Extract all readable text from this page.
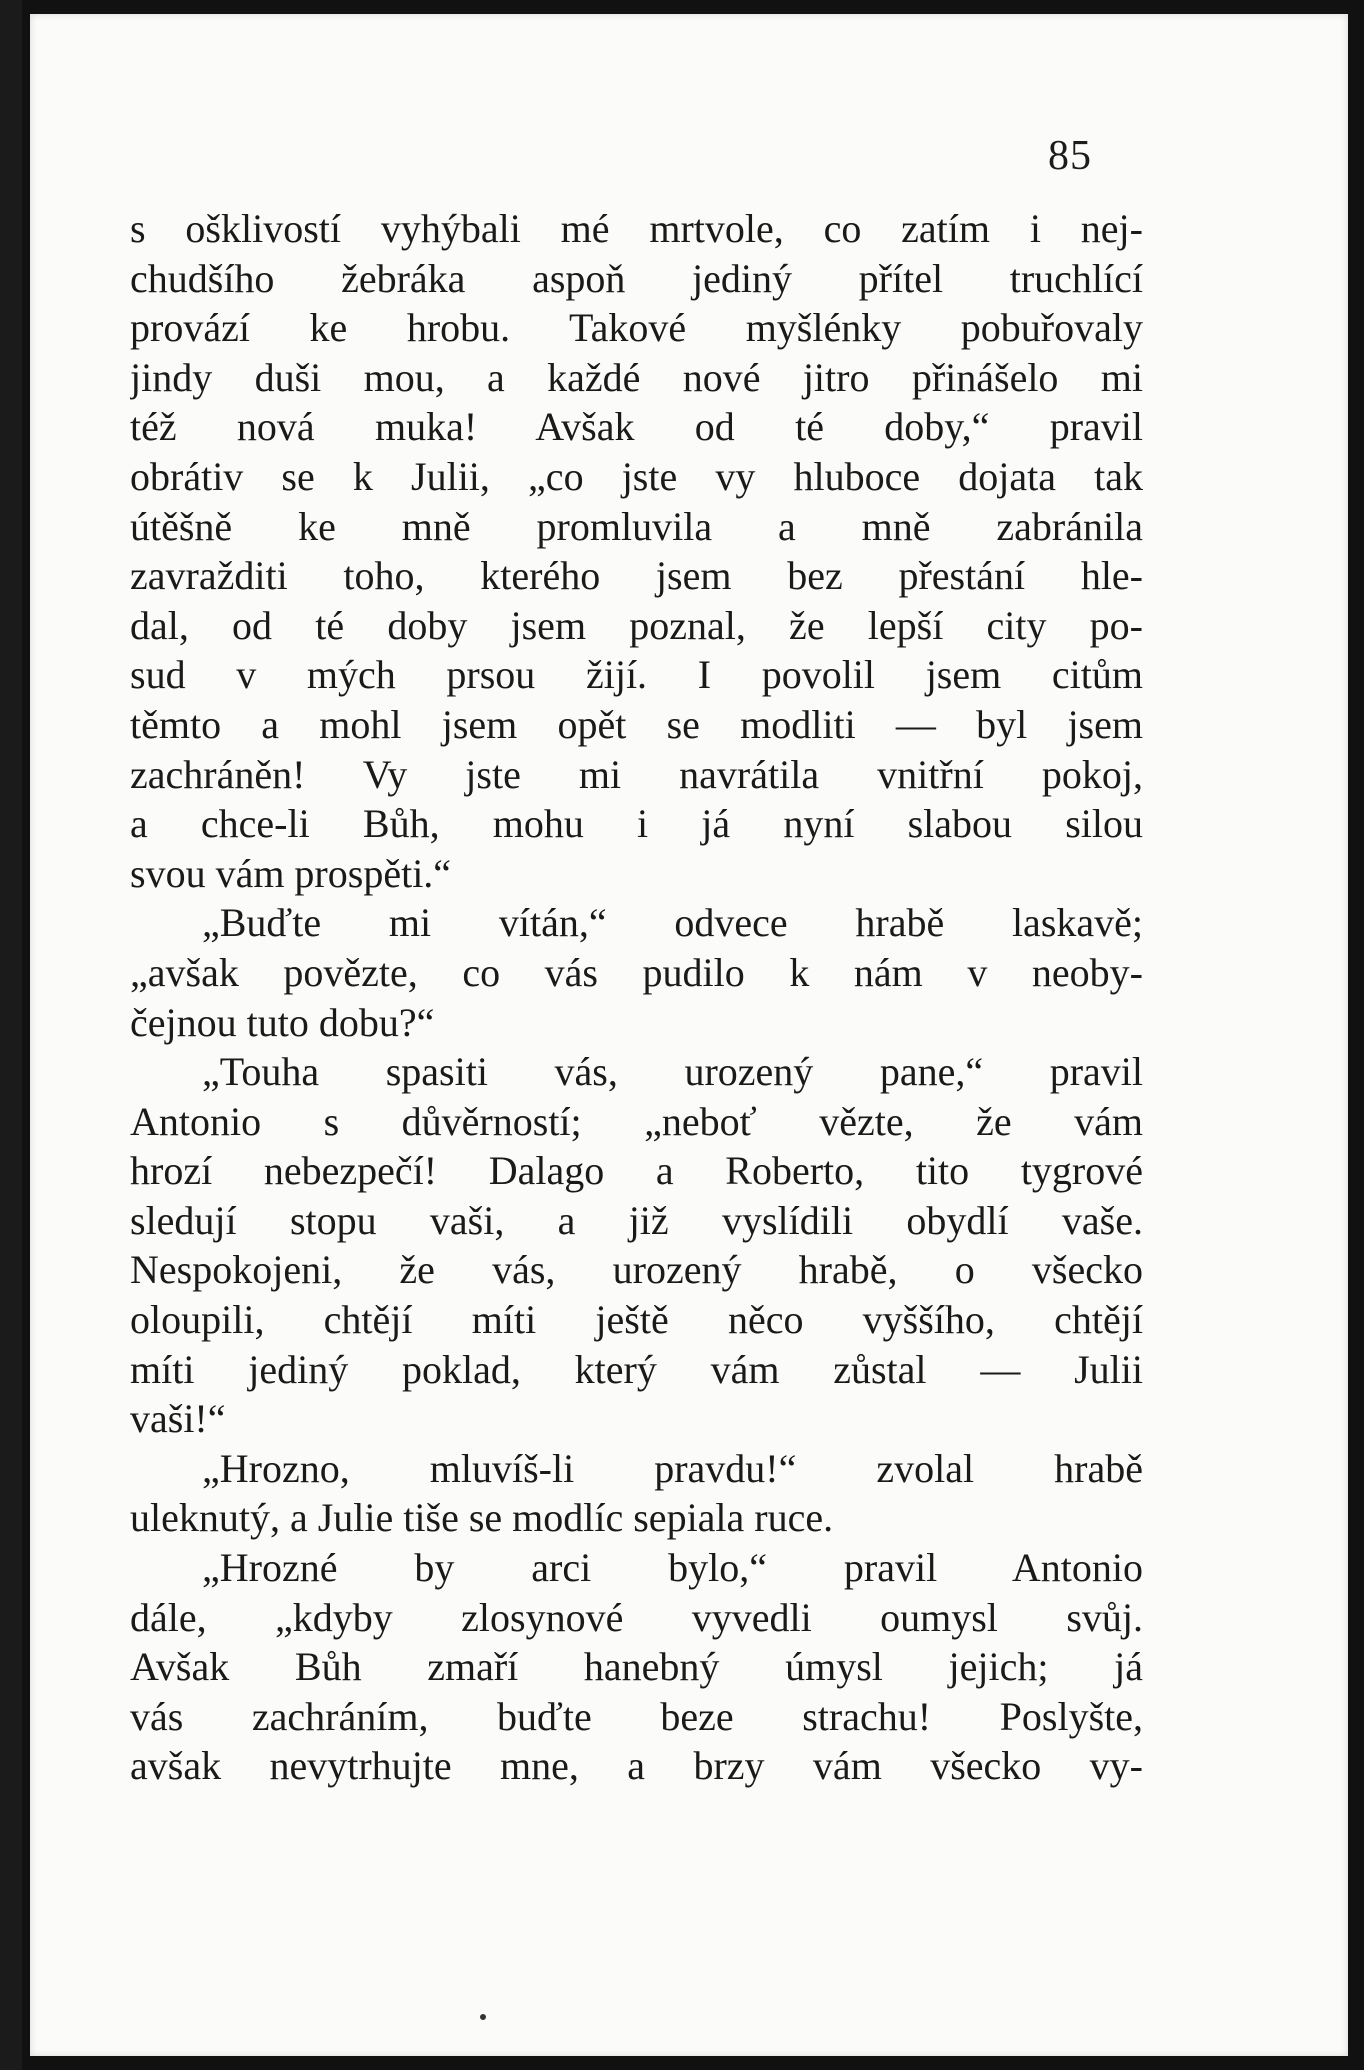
85
s ošklivostí vyhýbali mé mrtvole, co zatím i nej-
chudšího žebráka aspoň jediný přítel truchlící
provází ke hrobu. Takové myšlénky pobuřovaly
jindy duši mou, a každé nové jitro přinášelo mi
též nová muka! Avšak od té doby,“ pravil
obrátiv se k Julii, „co jste vy hluboce dojata tak
útěšně ke mně promluvila a mně zabránila
zavražditi toho, kterého jsem bez přestání hle-
dal, od té doby jsem poznal, že lepší city po-
sud v mých prsou žijí. I povolil jsem citům
těmto a mohl jsem opět se modliti — byl jsem
zachráněn! Vy jste mi navrátila vnitřní pokoj,
a chce-li Bůh, mohu i já nyní slabou silou
svou vám prospěti.“
„Buďte mi vítán,“ odvece hrabě laskavě;
„avšak povězte, co vás pudilo k nám v neoby-
čejnou tuto dobu?“
„Touha spasiti vás, urozený pane,“ pravil
Antonio s důvěrností; „neboť vězte, že vám
hrozí nebezpečí! Dalago a Roberto, tito tygrové
sledují stopu vaši, a již vyslídili obydlí vaše.
Nespokojeni, že vás, urozený hrabě, o všecko
oloupili, chtějí míti ještě něco vyššího, chtějí
míti jediný poklad, který vám zůstal — Julii
vaši!“
„Hrozno, mluvíš-li pravdu!“ zvolal hrabě
uleknutý, a Julie tiše se modlíc sepiala ruce.
„Hrozné by arci bylo,“ pravil Antonio
dále, „kdyby zlosynové vyvedli oumysl svůj.
Avšak Bůh zmaří hanebný úmysl jejich; já
vás zachráním, buďte beze strachu! Poslyšte,
avšak nevytrhujte mne, a brzy vám všecko vy-
